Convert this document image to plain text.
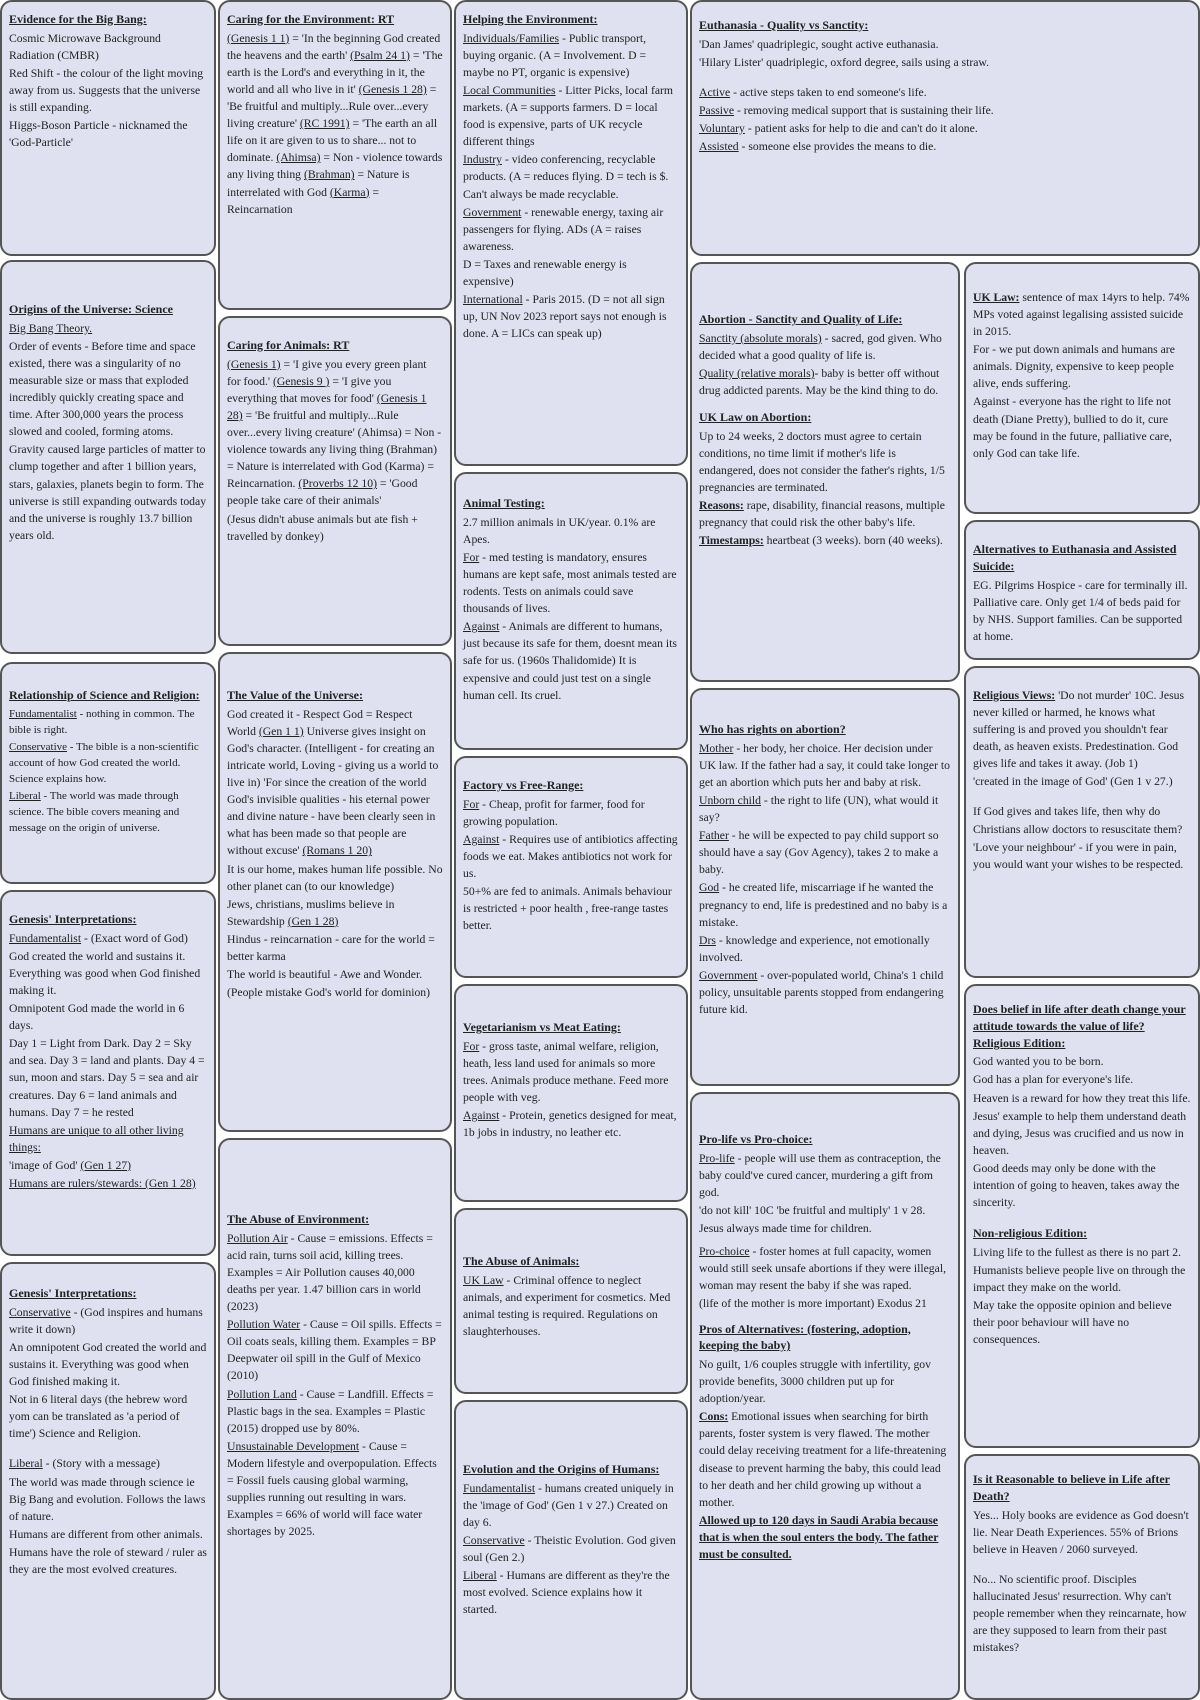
Evidence for the Big Bang:

Cosmic Microwave Background Radiation (CMBR)

Red Shift - the colour of the light moving away from us. Suggests that the universe is still expanding.

Higgs-Boson Particle - nicknamed the 'God-Particle'

Origins of the Universe: Science

Big Bang Theory.

Order of events - Before time and space existed, there was a singularity of no measurable size or mass that exploded incredibly quickly creating space and time. After 300,000 years the process slowed and cooled, forming atoms.

Gravity caused large particles of matter to clump together and after 1 billion years, stars, galaxies, planets begin to form. The universe is still expanding outwards today and the universe is roughly 13.7 billion years old.

Relationship of Science and Religion:

Fundamentalist - nothing in common. The bible is right.

Conservative - The bible is a non-scientific account of how God created the world. Science explains how.

Liberal - The world was made through science. The bible covers meaning and message on the origin of universe.

Genesis' Interpretations:

Fundamentalist - (Exact word of God)

God created the world and sustains it. Everything was good when God finished making it.

Omnipotent God made the world in 6 days.

Day 1 = Light from Dark. Day 2 = Sky and sea. Day 3 = land and plants. Day 4 = sun, moon and stars. Day 5 = sea and air creatures. Day 6 = land animals and humans. Day 7 = he rested

Humans are unique to all other living things:

'image of God' (Gen 1 27)

Humans are rulers/stewards: (Gen 1 28)

Genesis' Interpretations:

Conservative - (God inspires and humans write it down)

An omnipotent God created the world and sustains it. Everything was good when God finished making it.

Not in 6 literal days (the hebrew word yom can be translated as 'a period of time') Science and Religion.

Liberal - (Story with a message)

The world was made through science ie Big Bang and evolution. Follows the laws of nature.

Humans are different from other animals.

Humans have the role of steward / ruler as they are the most evolved creatures.

Caring for the Environment: RT

(Genesis 1 1) = 'In the beginning God created the heavens and the earth' (Psalm 24 1) = 'The earth is the Lord's and everything in it, the world and all who live in it' (Genesis 1 28) = 'Be fruitful and multiply...Rule over...every living creature' (RC 1991) = 'The earth an all life on it are given to us to share... not to dominate. (Ahimsa) = Non - violence towards any living thing (Brahman) = Nature is interrelated with God (Karma) = Reincarnation

Caring for Animals: RT

(Genesis 1) = 'I give you every green plant for food.' (Genesis 9 ) = 'I give you everything that moves for food' (Genesis 1 28) = 'Be fruitful and multiply...Rule over...every living creature' (Ahimsa) = Non - violence towards any living thing (Brahman) = Nature is interrelated with God (Karma) = Reincarnation. (Proverbs 12 10) = 'Good people take care of their animals'

(Jesus didn't abuse animals but ate fish + travelled by donkey)

The Value of the Universe:

God created it - Respect God = Respect World (Gen 1 1) Universe gives insight on God's character. (Intelligent - for creating an intricate world, Loving - giving us a world to live in) 'For since the creation of the world God's invisible qualities - his eternal power and divine nature - have been clearly seen in what has been made so that people are without excuse' (Romans 1 20)

It is our home, makes human life possible. No other planet can (to our knowledge)

Jews, christians, muslims believe in Stewardship (Gen 1 28)

Hindus - reincarnation - care for the world = better karma

The world is beautiful - Awe and Wonder.

(People mistake God's world for dominion)

The Abuse of Environment:

Pollution Air - Cause = emissions. Effects = acid rain, turns soil acid, killing trees. Examples = Air Pollution causes 40,000 deaths per year. 1.47 billion cars in world (2023)

Pollution Water - Cause = Oil spills. Effects = Oil coats seals, killing them. Examples = BP Deepwater oil spill in the Gulf of Mexico (2010)

Pollution Land - Cause = Landfill. Effects = Plastic bags in the sea. Examples = Plastic (2015) dropped use by 80%.

Unsustainable Development - Cause = Modern lifestyle and overpopulation. Effects = Fossil fuels causing global warming, supplies running out resulting in wars. Examples = 66% of world will face water shortages by 2025.

Helping the Environment:

Individuals/Families - Public transport, buying organic. (A = Involvement. D = maybe no PT, organic is expensive)

Local Communities - Litter Picks, local farm markets. (A = supports farmers. D = local food is expensive, parts of UK recycle different things

Industry - video conferencing, recyclable products. (A = reduces flying. D = tech is $. Can't always be made recyclable.

Government - renewable energy, taxing air passengers for flying. ADs (A = raises awareness.

D = Taxes and renewable energy is expensive)

International - Paris 2015. (D = not all sign up, UN Nov 2023 report says not enough is done. A = LICs can speak up)

Animal Testing:

2.7 million animals in UK/year. 0.1% are Apes.

For - med testing is mandatory, ensures humans are kept safe, most animals tested are rodents. Tests on animals could save thousands of lives.

Against - Animals are different to humans, just because its safe for them, doesnt mean its safe for us. (1960s Thalidomide) It is expensive and could just test on a single human cell. Its cruel.

Factory vs Free-Range:

For - Cheap, profit for farmer, food for growing population.

Against - Requires use of antibiotics affecting foods we eat. Makes antibiotics not work for us.

50+% are fed to animals. Animals behaviour is restricted + poor health , free-range tastes better.

Vegetarianism vs Meat Eating:

For - gross taste, animal welfare, religion, heath, less land used for animals so more trees. Animals produce methane. Feed more people with veg.

Against - Protein, genetics designed for meat, 1b jobs in industry, no leather etc.

The Abuse of Animals:

UK Law - Criminal offence to neglect animals, and experiment for cosmetics. Med animal testing is required. Regulations on slaughterhouses.

Evolution and the Origins of Humans:

Fundamentalist - humans created uniquely in the 'image of God' (Gen 1 v 27.) Created on day 6.

Conservative - Theistic Evolution. God given soul (Gen 2.)

Liberal - Humans are different as they're the most evolved. Science explains how it started.

Euthanasia - Quality vs Sanctity:

'Dan James' quadriplegic, sought active euthanasia.

'Hilary Lister' quadriplegic, oxford degree, sails using a straw.

Active - active steps taken to end someone's life.

Passive - removing medical support that is sustaining their life.

Voluntary - patient asks for help to die and can't do it alone.

Assisted - someone else provides the means to die.

Abortion - Sanctity and Quality of Life:

Sanctity (absolute morals) - sacred, god given. Who decided what a good quality of life is.

Quality (relative morals)- baby is better off without drug addicted parents. May be the kind thing to do.

UK Law on Abortion:

Up to 24 weeks, 2 doctors must agree to certain conditions, no time limit if mother's life is endangered, does not consider the father's rights, 1/5 pregnancies are terminated.

Reasons: rape, disability, financial reasons, multiple pregnancy that could risk the other baby's life.

Timestamps: heartbeat (3 weeks). born (40 weeks).

Who has rights on abortion?

Mother - her body, her choice. Her decision under UK law. If the father had a say, it could take longer to get an abortion which puts her and baby at risk.

Unborn child - the right to life (UN), what would it say?

Father - he will be expected to pay child support so should have a say (Gov Agency), takes 2 to make a baby.

God - he created life, miscarriage if he wanted the pregnancy to end, life is predestined and no baby is a mistake.

Drs - knowledge and experience, not emotionally involved.

Government - over-populated world, China's 1 child policy, unsuitable parents stopped from endangering future kid.

Pro-life vs Pro-choice:

Pro-life - people will use them as contraception, the baby could've cured cancer, murdering a gift from god.

'do not kill' 10C 'be fruitful and multiply' 1 v 28.

Jesus always made time for children.

Pro-choice - foster homes at full capacity, women would still seek unsafe abortions if they were illegal, woman may resent the baby if she was raped.

(life of the mother is more important) Exodus 21

Pros of Alternatives: (fostering, adoption, keeping the baby)

No guilt, 1/6 couples struggle with infertility, gov provide benefits, 3000 children put up for adoption/year.

Cons: Emotional issues when searching for birth parents, foster system is very flawed. The mother could delay receiving treatment for a life-threatening disease to prevent harming the baby, this could lead to her death and her child growing up without a mother.

Allowed up to 120 days in Saudi Arabia because that is when the soul enters the body. The father must be consulted.

UK Law: sentence of max 14yrs to help. 74% MPs voted against legalising assisted suicide in 2015.

For - we put down animals and humans are animals. Dignity, expensive to keep people alive, ends suffering.

Against - everyone has the right to life not death (Diane Pretty), bullied to do it, cure may be found in the future, palliative care, only God can take life.

Alternatives to Euthanasia and Assisted Suicide:

EG. Pilgrims Hospice - care for terminally ill. Palliative care. Only get 1/4 of beds paid for by NHS. Support families. Can be supported at home.

Religious Views: 'Do not murder' 10C. Jesus never killed or harmed, he knows what suffering is and proved you shouldn't fear death, as heaven exists. Predestination. God gives life and takes it away. (Job 1)

'created in the image of God' (Gen 1 v 27.)

If God gives and takes life, then why do Christians allow doctors to resuscitate them?

'Love your neighbour' - if you were in pain, you would want your wishes to be respected.

Does belief in life after death change your attitude towards the value of life? Religious Edition:

God wanted you to be born.

God has a plan for everyone's life.

Heaven is a reward for how they treat this life.

Jesus' example to help them understand death and dying, Jesus was crucified and us now in heaven.

Good deeds may only be done with the intention of going to heaven, takes away the sincerity.

Non-religious Edition:

Living life to the fullest as there is no part 2.

Humanists believe people live on through the impact they make on the world.

May take the opposite opinion and believe their poor behaviour will have no consequences.

Is it Reasonable to believe in Life after Death?

Yes... Holy books are evidence as God doesn't lie. Near Death Experiences. 55% of Brions believe in Heaven / 2060 surveyed.

No... No scientific proof. Disciples hallucinated Jesus' resurrection. Why can't people remember when they reincarnate, how are they supposed to learn from their past mistakes?
